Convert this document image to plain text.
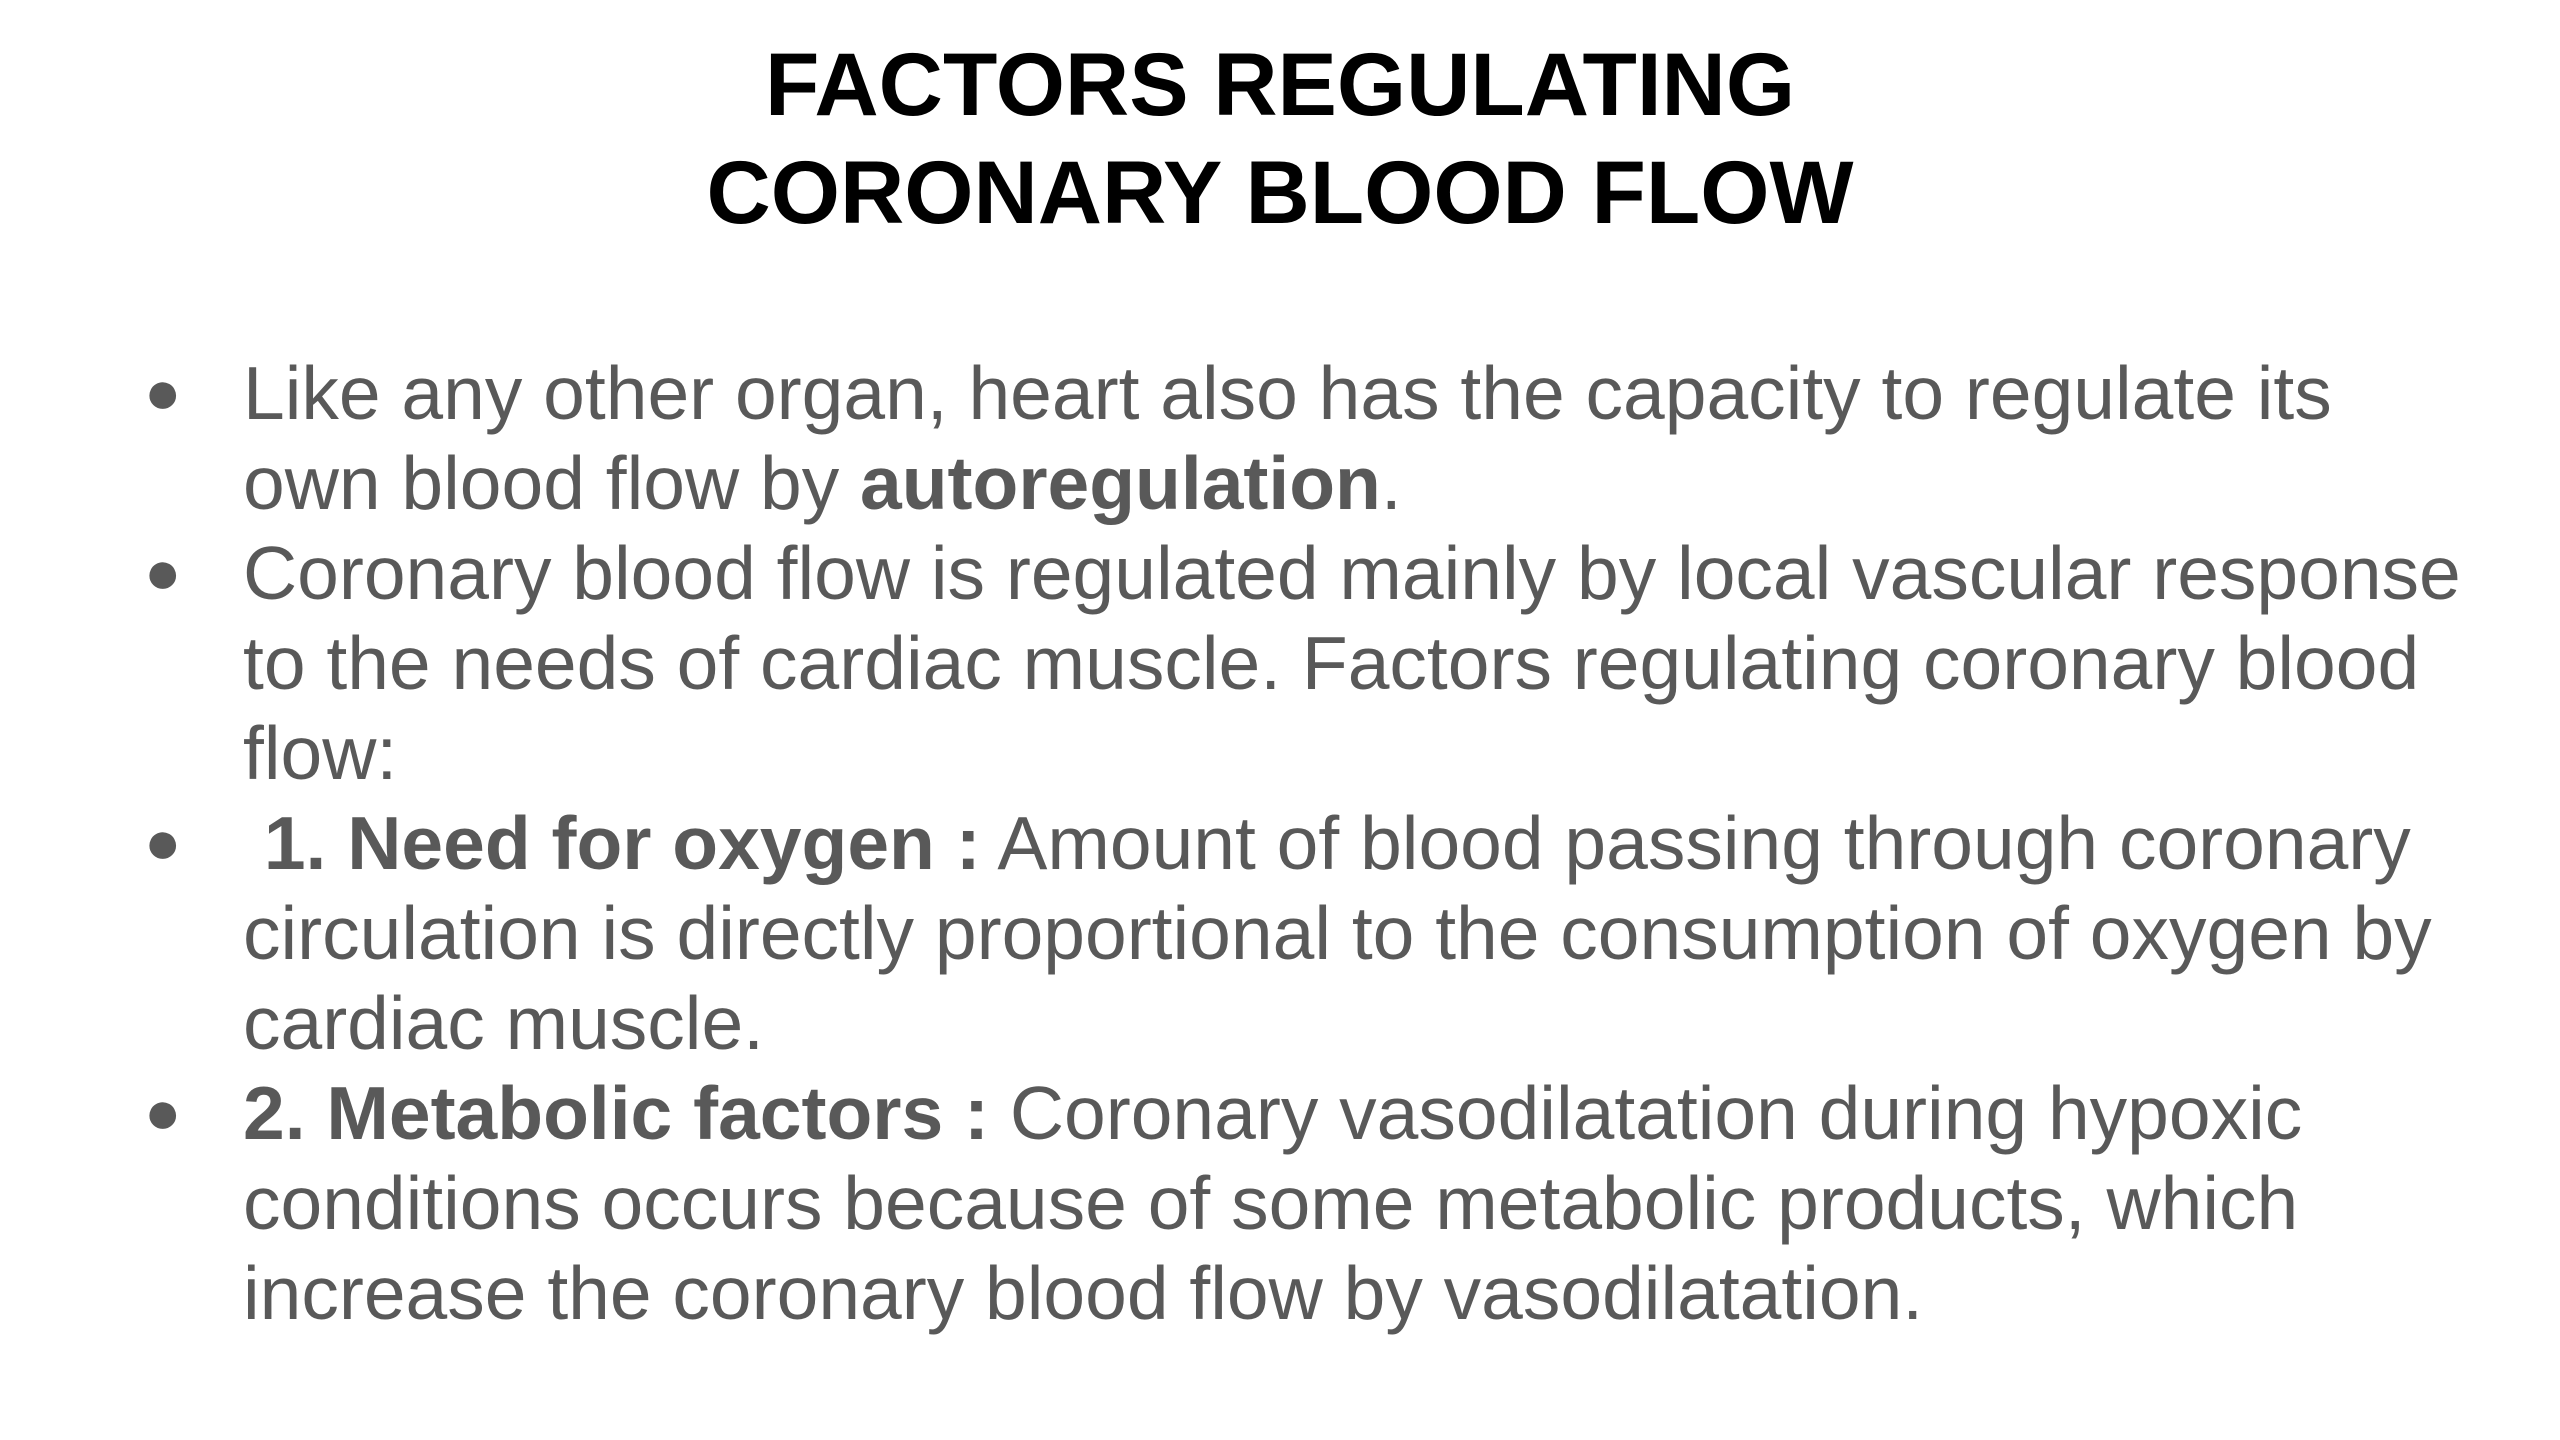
FACTORS REGULATING
CORONARY BLOOD FLOW
● Like any other organ, heart also has the capacity to regulate its own blood flow by autoregulation.
● Coronary blood flow is regulated mainly by local vascular response to the needs of cardiac muscle. Factors regulating coronary blood flow:
● 1. Need for oxygen : Amount of blood passing through coronary circulation is directly proportional to the consumption of oxygen by cardiac muscle.
● 2. Metabolic factors : Coronary vasodilatation during hypoxic conditions occurs because of some metabolic products, which increase the coronary blood flow by vasodilatation.
